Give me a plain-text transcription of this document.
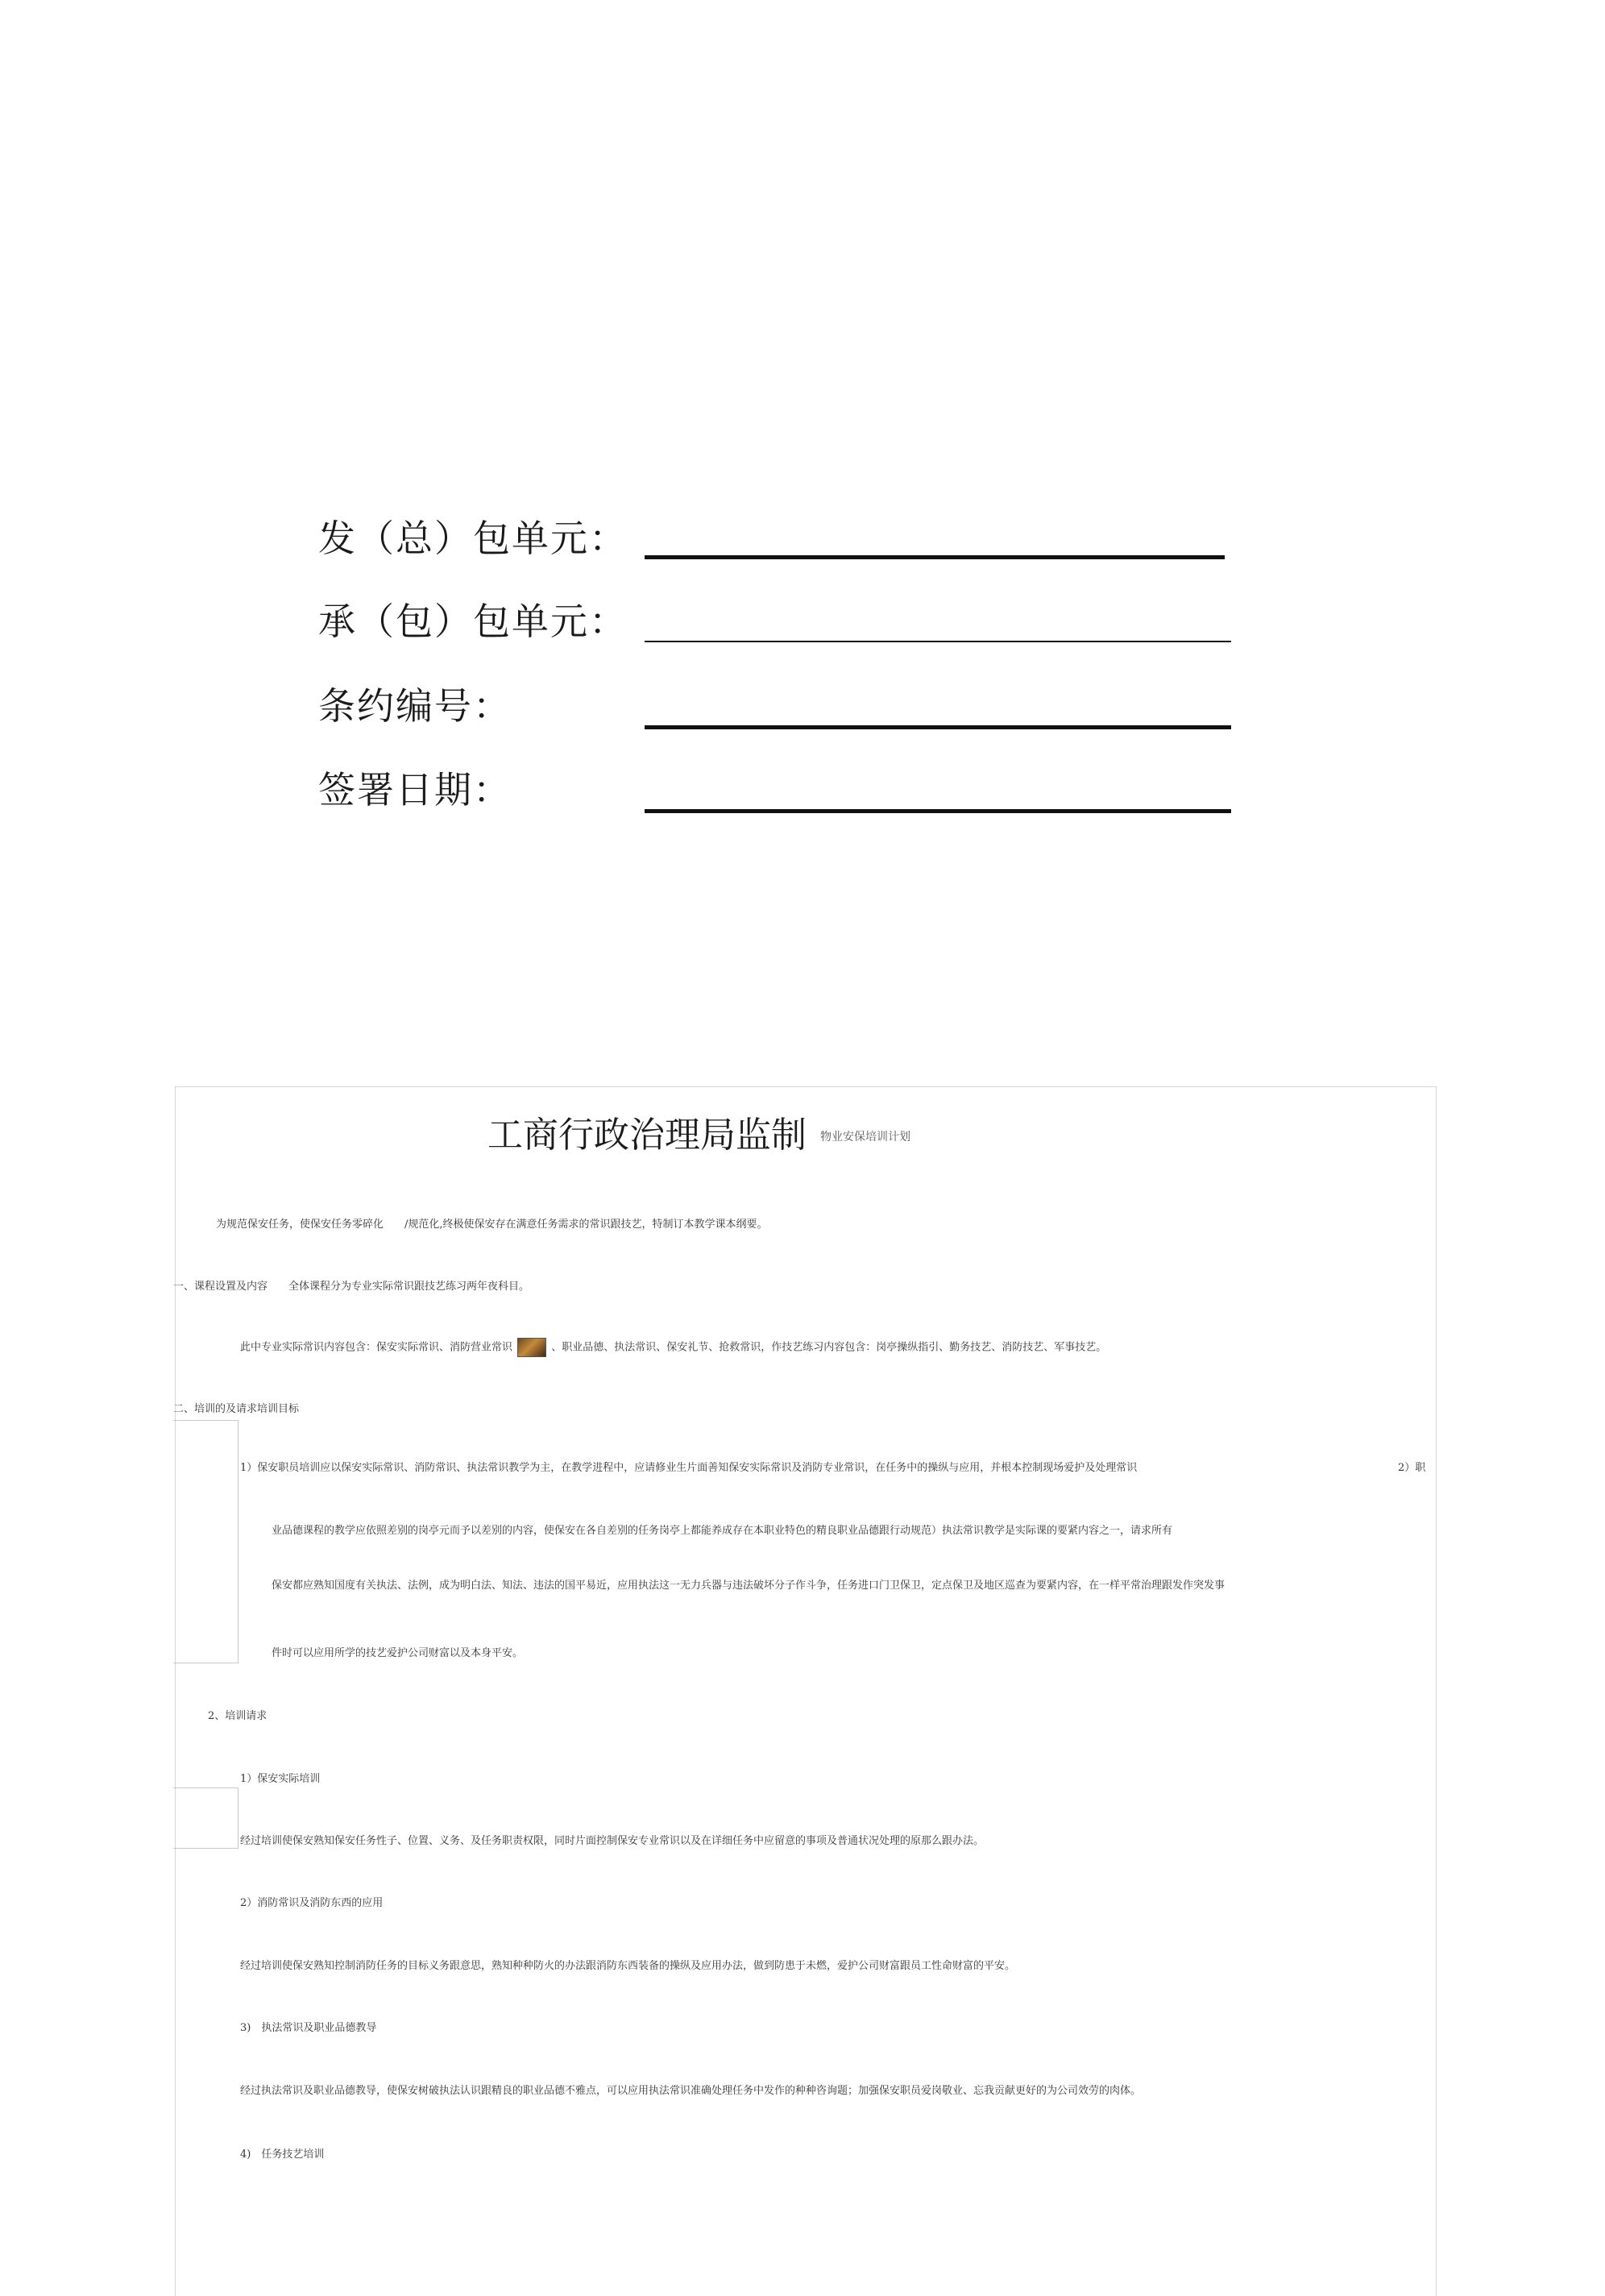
发（总）包单元：
承（包）包单元：
条约编号：
签署日期：
工商行政治理局监制 物业安保培训计划
为规范保安任务，使保安任务零碎化　　/规范化,终极使保安存在满意任务需求的常识跟技艺，特制订本教学课本纲要。
一、课程设置及内容　　全体课程分为专业实际常识跟技艺练习两年夜科目。
此中专业实际常识内容包含：保安实际常识、消防营业常识	、职业品德、执法常识、保安礼节、抢救常识，作技艺练习内容包含：岗亭操纵指引、勤务技艺、消防技艺、军事技艺。
二、培训的及请求培训目标
1）保安职员培训应以保安实际常识、消防常识、执法常识教学为主，在教学进程中，应请修业生片面善知保安实际常识及消防专业常识，在任务中的操纵与应用，并根本控制现场爱护及处理常识	2）职
业品德课程的教学应依照差别的岗亭元而予以差别的内容，使保安在各自差别的任务岗亭上都能养成存在本职业特色的精良职业品德跟行动规范）执法常识教学是实际课的要紧内容之一，请求所有
保安都应熟知国度有关执法、法例，成为明白法、知法、违法的国平易近，应用执法这一无力兵器与违法破坏分子作斗争，任务进口门卫保卫，定点保卫及地区巡查为要紧内容，在一样平常治理跟发作突发事
件时可以应用所学的技艺爱护公司财富以及本身平安。
2、培训请求
1）保安实际培训
经过培训使保安熟知保安任务性子、位置、义务、及任务职责权限，同时片面控制保安专业常识以及在详细任务中应留意的事项及普通状况处理的原那么跟办法。
2）消防常识及消防东西的应用
经过培训使保安熟知控制消防任务的目标义务跟意思，熟知种种防火的办法跟消防东西装备的操纵及应用办法，做到防患于未燃，爱护公司财富跟员工性命财富的平安。
3)　执法常识及职业品德教导
经过执法常识及职业品德教导，使保安树破执法认识跟精良的职业品德不雅点，可以应用执法常识准确处理任务中发作的种种咨询题；加强保安职员爱岗敬业、忘我贡献更好的为公司效劳的肉体。
4)　任务技艺培训
